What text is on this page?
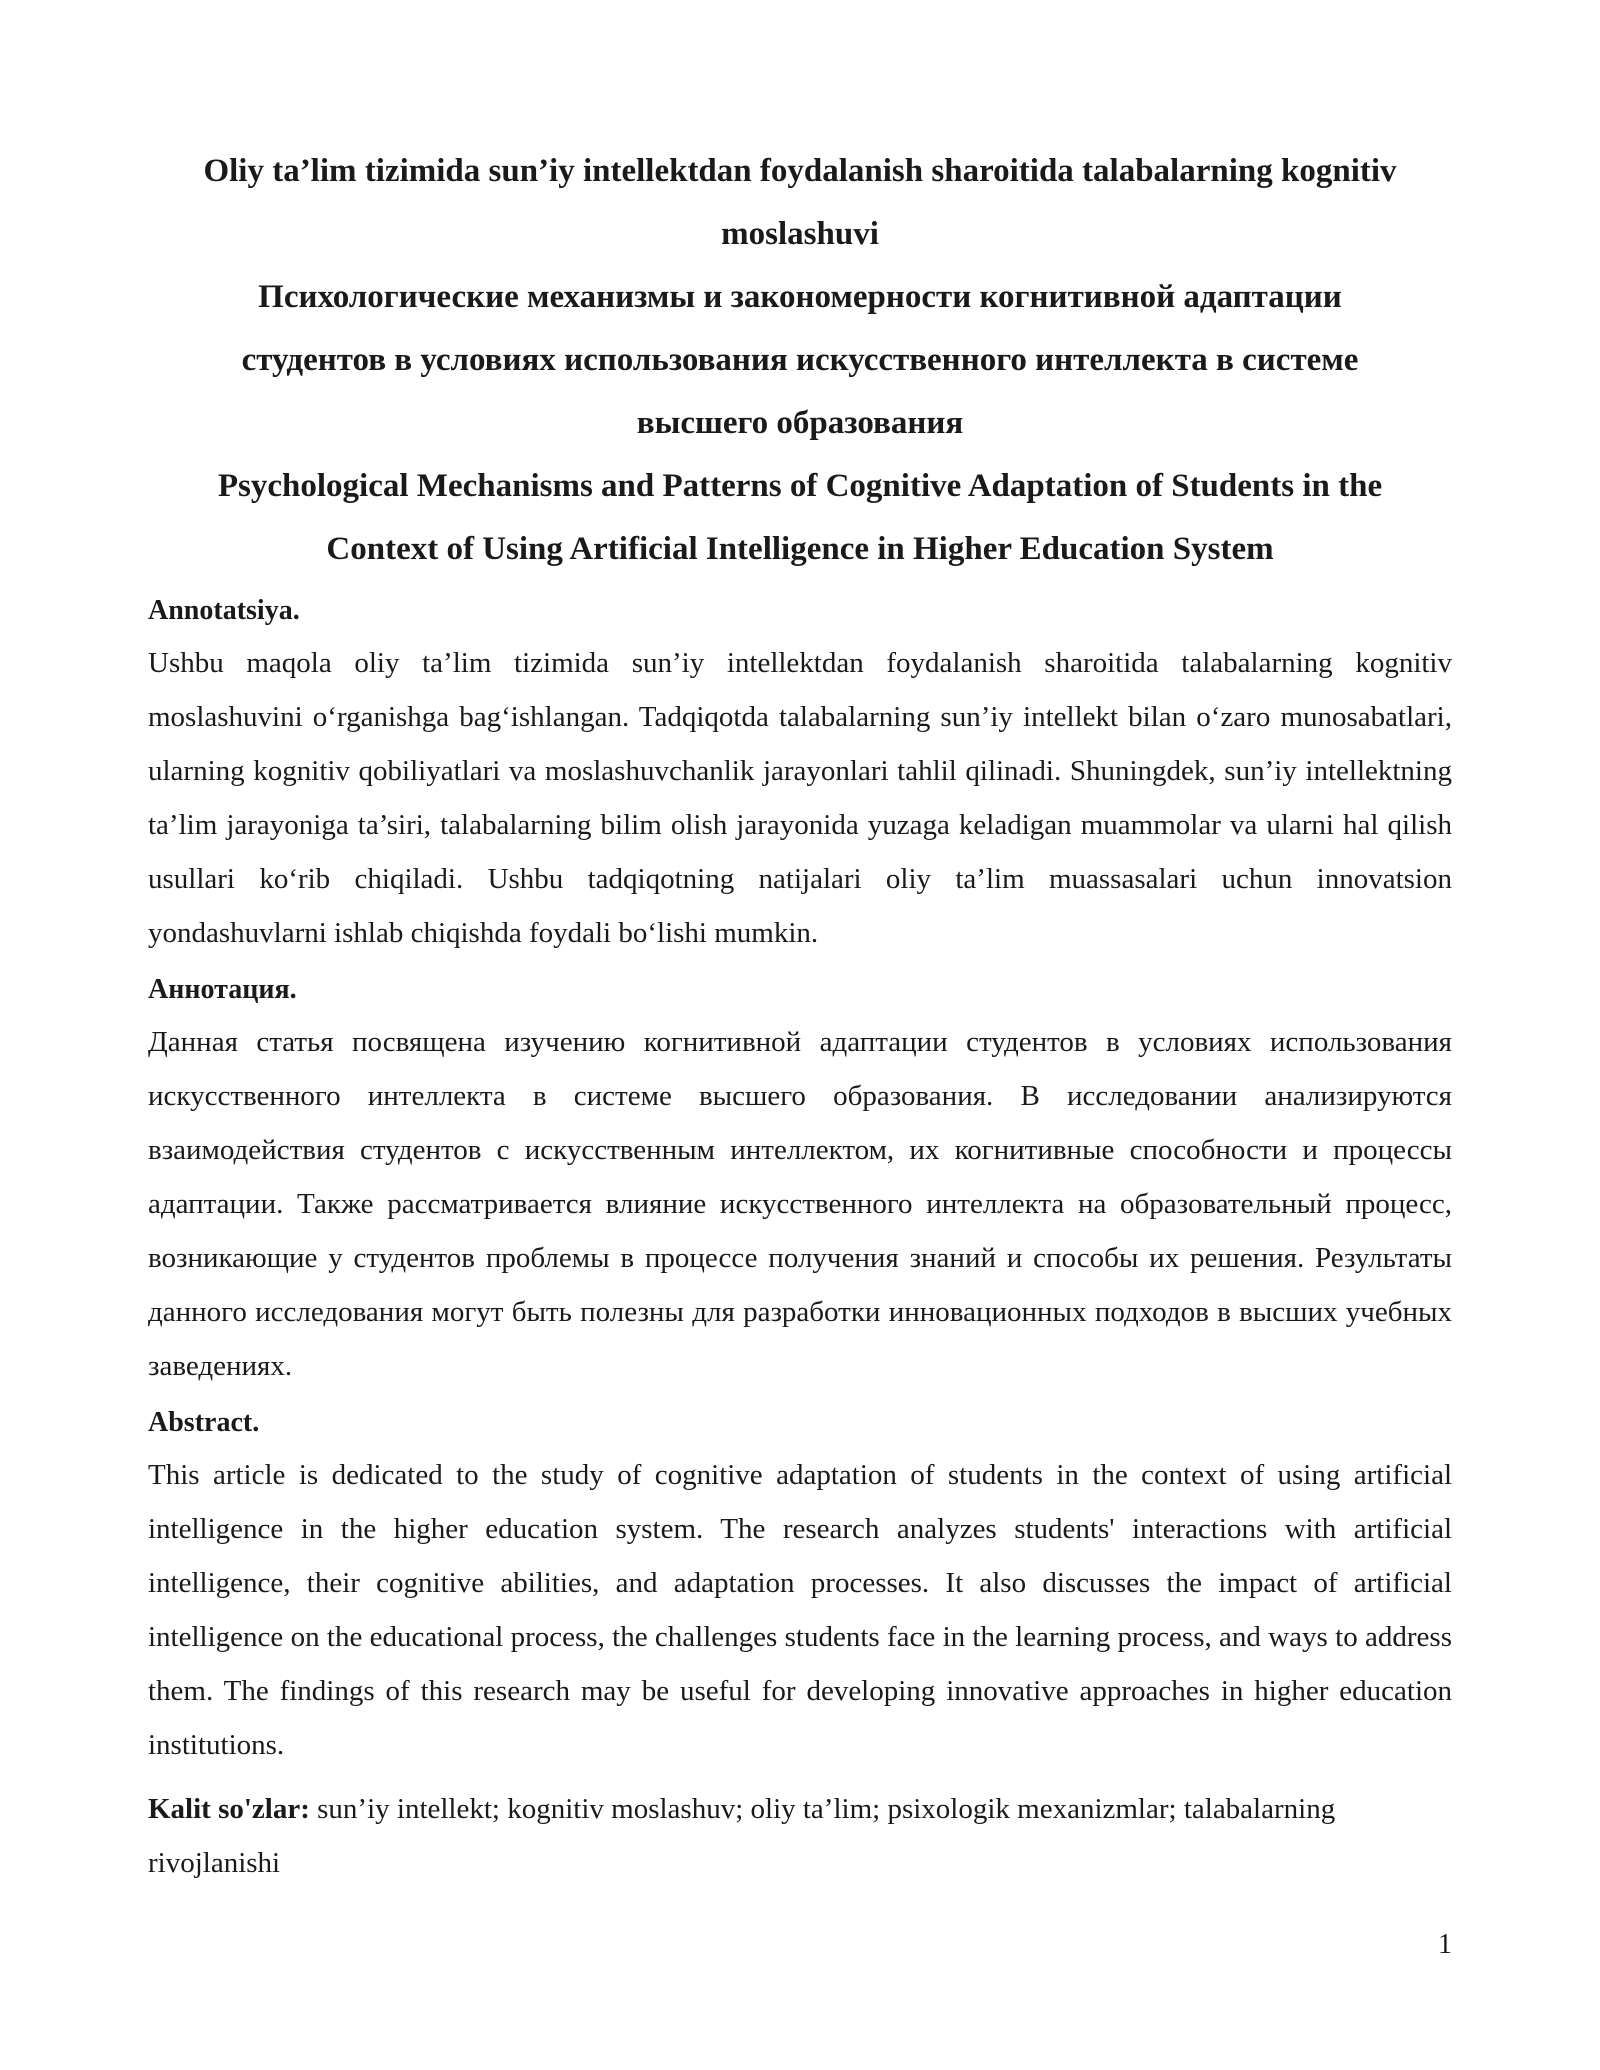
Oliy ta’lim tizimida sun’iy intellektdan foydalanish sharoitida talabalarning kognitiv moslashuvi
Психологические механизмы и закономерности когнитивной адаптации студентов в условиях использования искусственного интеллекта в системе высшего образования
Psychological Mechanisms and Patterns of Cognitive Adaptation of Students in the Context of Using Artificial Intelligence in Higher Education System
Annotatsiya.
Ushbu maqola oliy ta’lim tizimida sun’iy intellektdan foydalanish sharoitida talabalarning kognitiv moslashuvini o‘rganishga bag‘ishlangan. Tadqiqotda talabalarning sun’iy intellekt bilan o‘zaro munosabatlari, ularning kognitiv qobiliyatlari va moslashuvchanlik jarayonlari tahlil qilinadi. Shuningdek, sun’iy intellektning ta’lim jarayoniga ta’siri, talabalarning bilim olish jarayonida yuzaga keladigan muammolar va ularni hal qilish usullari ko‘rib chiqiladi. Ushbu tadqiqotning natijalari oliy ta’lim muassasalari uchun innovatsion yondashuvlarni ishlab chiqishda foydali bo‘lishi mumkin.
Аннотация.
Данная статья посвящена изучению когнитивной адаптации студентов в условиях использования искусственного интеллекта в системе высшего образования. В исследовании анализируются взаимодействия студентов с искусственным интеллектом, их когнитивные способности и процессы адаптации. Также рассматривается влияние искусственного интеллекта на образовательный процесс, возникающие у студентов проблемы в процессе получения знаний и способы их решения. Результаты данного исследования могут быть полезны для разработки инновационных подходов в высших учебных заведениях.
Abstract.
This article is dedicated to the study of cognitive adaptation of students in the context of using artificial intelligence in the higher education system. The research analyzes students' interactions with artificial intelligence, their cognitive abilities, and adaptation processes. It also discusses the impact of artificial intelligence on the educational process, the challenges students face in the learning process, and ways to address them. The findings of this research may be useful for developing innovative approaches in higher education institutions.
Kalit so'zlar: sun’iy intellekt; kognitiv moslashuv; oliy ta’lim; psixologik mexanizmlar; talabalarning rivojlanishi
1
